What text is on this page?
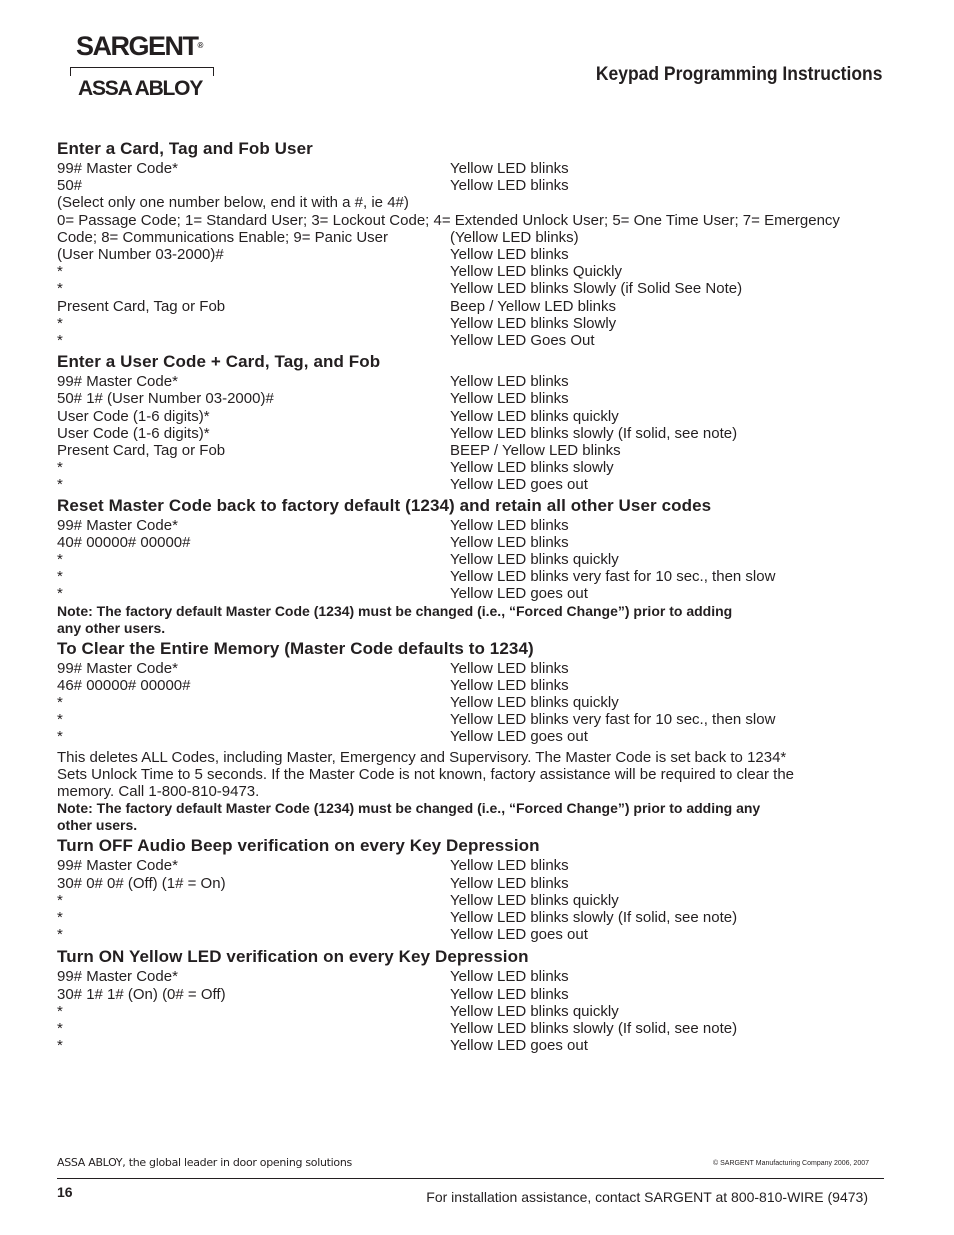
SARGENT®
ASSA ABLOY
Keypad Programming Instructions
Enter a Card, Tag and Fob User
99# Master Code*	Yellow LED blinks
50#	Yellow LED blinks
(Select only one number below, end it with a #, ie 4#)
0= Passage Code; 1= Standard User; 3= Lockout Code; 4= Extended Unlock User; 5= One Time User; 7= Emergency
Code; 8= Communications Enable; 9= Panic User	(Yellow LED blinks)
(User Number 03-2000)#	Yellow LED blinks
*	Yellow LED blinks Quickly
*	Yellow LED blinks Slowly (if Solid See Note)
Present Card, Tag or Fob	Beep / Yellow LED blinks
*	Yellow LED blinks Slowly
*	Yellow LED Goes Out
Enter a User Code + Card, Tag, and Fob
99# Master Code*	Yellow LED blinks
50# 1# (User Number 03-2000)#	Yellow LED blinks
User Code (1-6 digits)*	Yellow LED blinks quickly
User Code (1-6 digits)*	Yellow LED blinks slowly (If solid, see note)
Present Card, Tag or Fob	BEEP / Yellow LED blinks
*	Yellow LED blinks slowly
*	Yellow LED goes out
Reset Master Code back to factory default (1234) and retain all other User codes
99# Master Code*	Yellow LED blinks
40# 00000# 00000#	Yellow LED blinks
*	Yellow LED blinks quickly
*	Yellow LED blinks very fast for 10 sec., then slow
*	Yellow LED goes out
Note: The factory default Master Code (1234) must be changed (i.e., “Forced Change”) prior to adding
any other users.
To Clear the Entire Memory (Master Code defaults to 1234)
99# Master Code*	Yellow LED blinks
46# 00000# 00000#	Yellow LED blinks
*	Yellow LED blinks quickly
*	Yellow LED blinks very fast for 10 sec., then slow
*	Yellow LED goes out
This deletes ALL Codes, including Master, Emergency and Supervisory. The Master Code is set back to 1234*
Sets Unlock Time to 5 seconds. If the Master Code is not known, factory assistance will be required to clear the
memory. Call 1-800-810-9473.
Note: The factory default Master Code (1234) must be changed (i.e., “Forced Change”) prior to adding any
other users.
Turn OFF Audio Beep verification on every Key Depression
99# Master Code*	Yellow LED blinks
30# 0# 0# (Off) (1# = On)	Yellow LED blinks
*	Yellow LED blinks quickly
*	Yellow LED blinks slowly (If solid, see note)
*	Yellow LED goes out
Turn ON Yellow LED verification on every Key Depression
99# Master Code*	Yellow LED blinks
30# 1# 1# (On) (0# = Off)	Yellow LED blinks
*	Yellow LED blinks quickly
*	Yellow LED blinks slowly (If solid, see note)
*	Yellow LED goes out
ASSA ABLOY, the global leader in door opening solutions	© SARGENT Manufacturing Company 2006, 2007
16	For installation assistance, contact SARGENT at 800-810-WIRE (9473)
